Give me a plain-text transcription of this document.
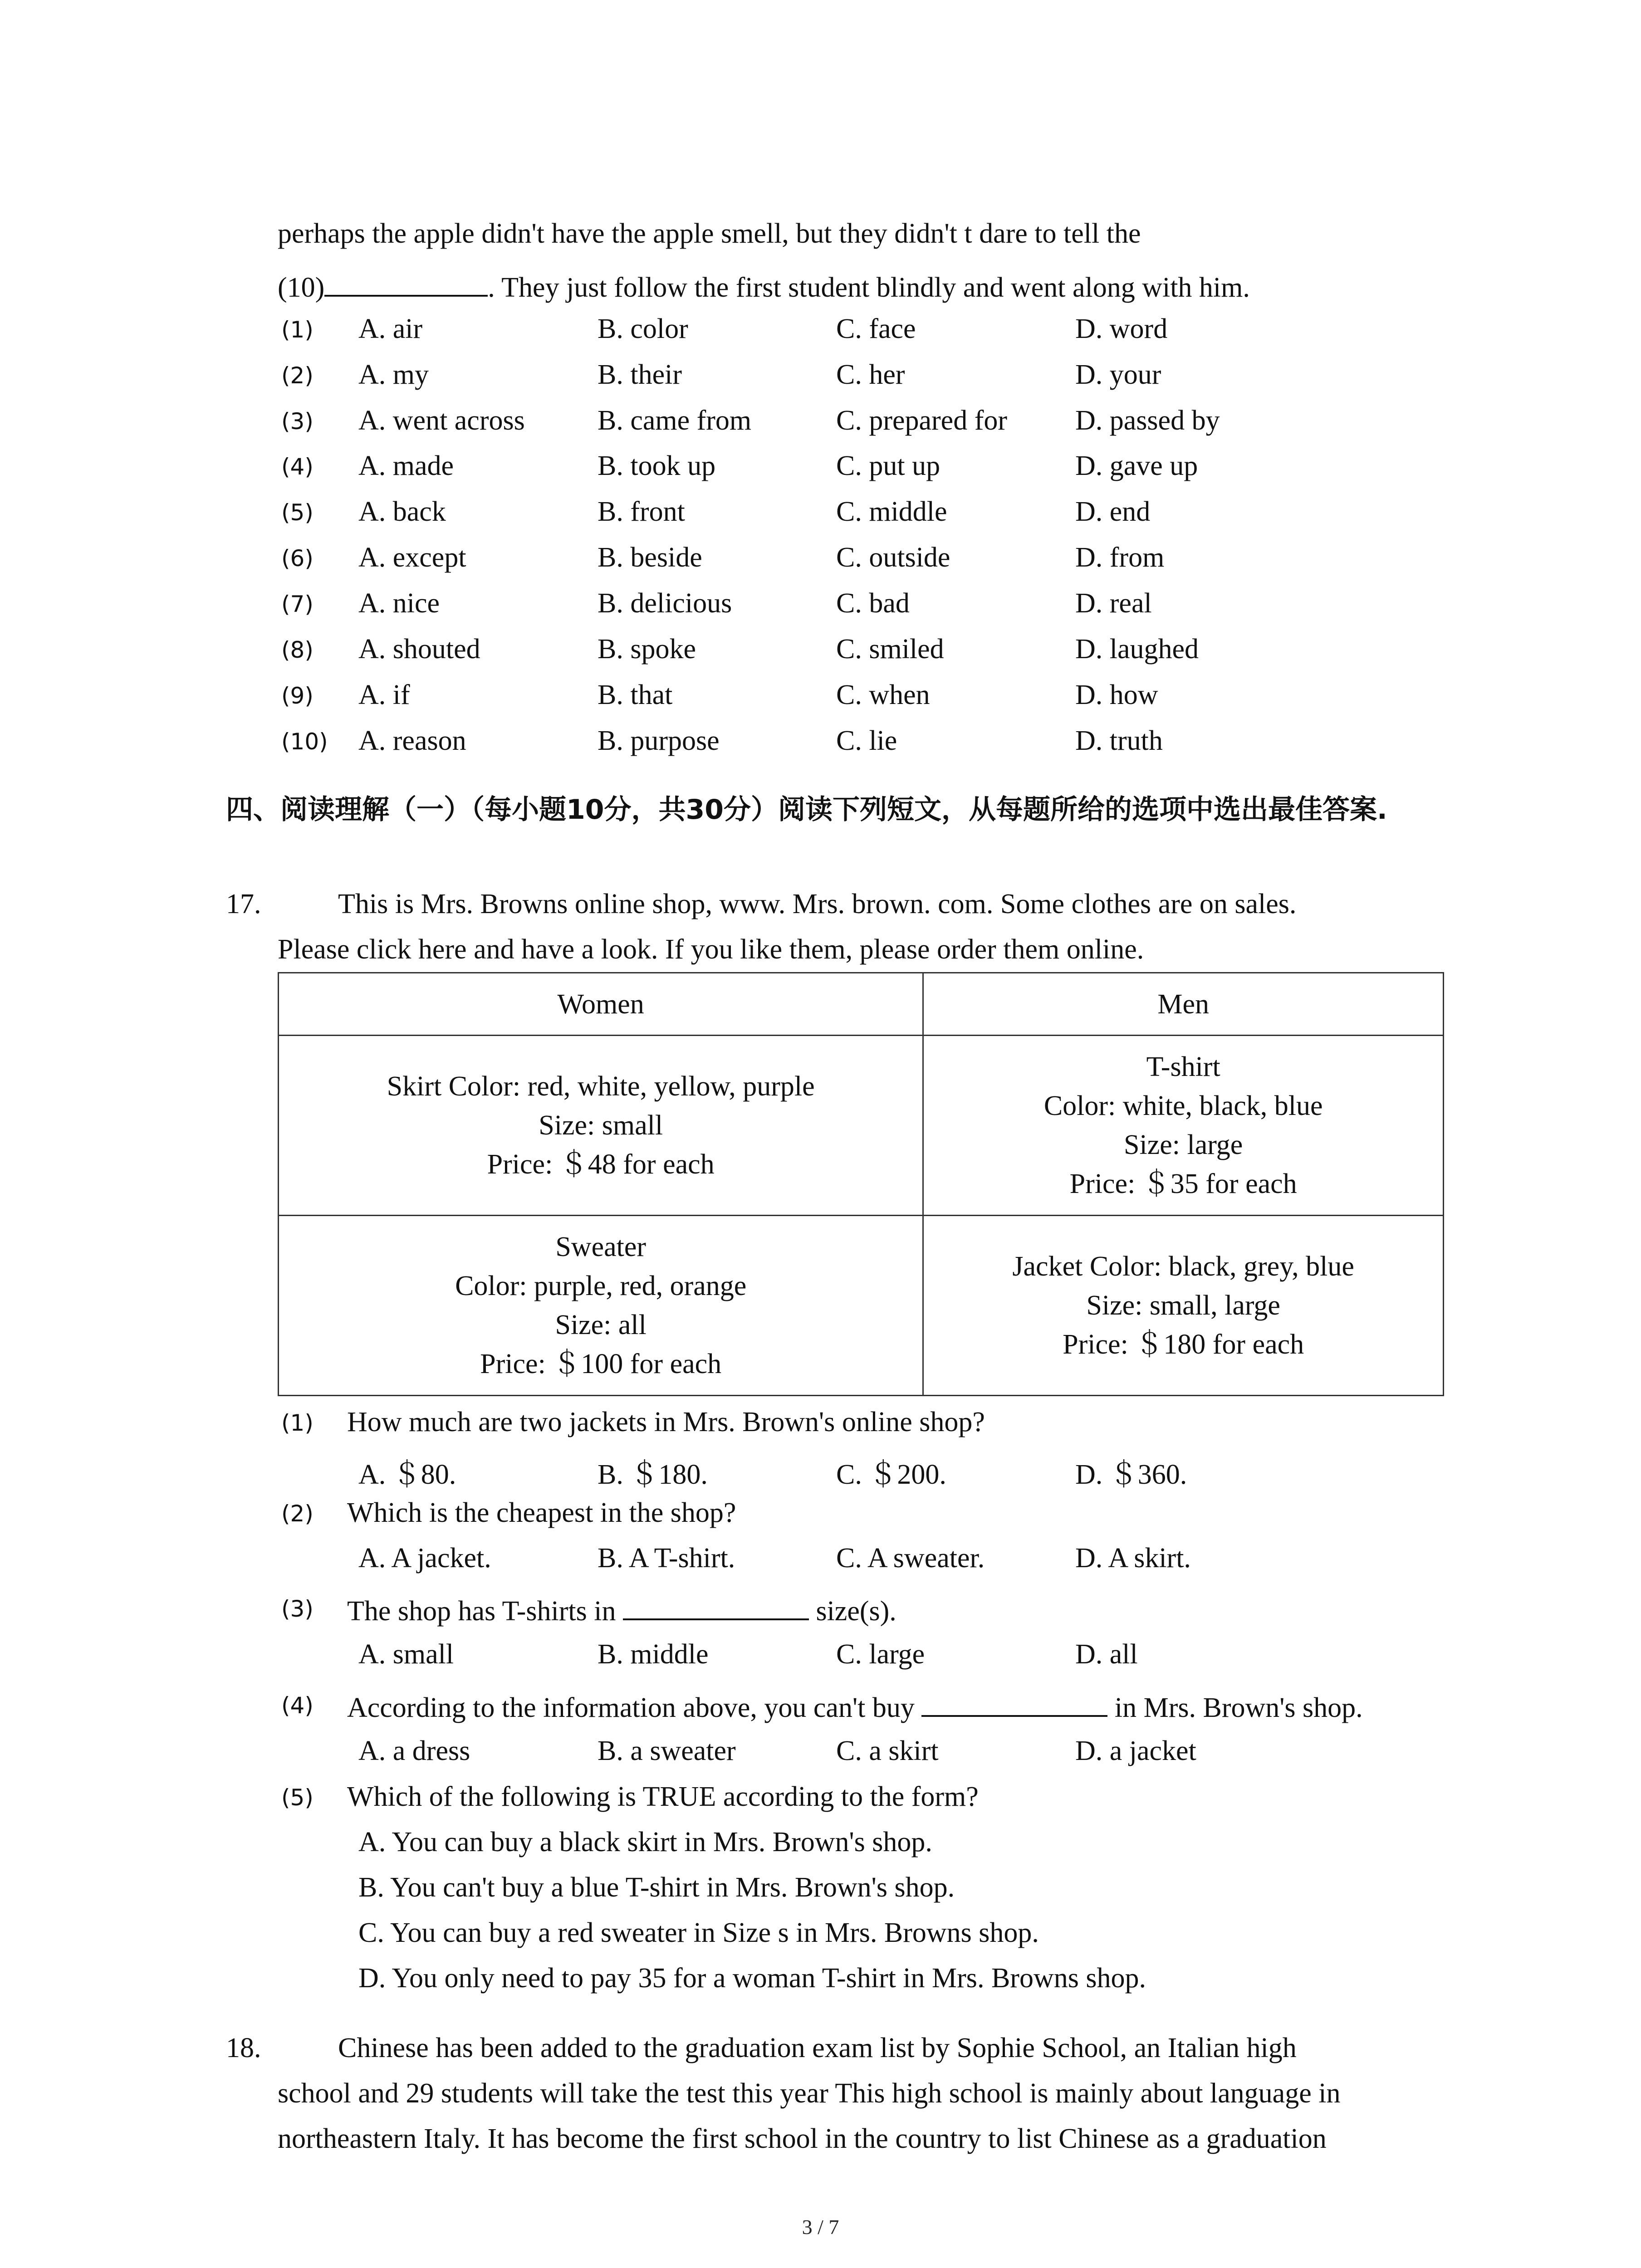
perhaps the apple didn't have the apple smell, but they didn't t dare to tell the
(10)	. They just follow the first student blindly and went along with him.
(1) A. air	B. color	C. face	D. word
(2) A. my	B. their	C. her	D. your
(3) A. went across	B. came from	C. prepared for D. passed by
(4) A. made	B. took up	C. put up	D. gave up
(5) A. back	B. front	C. middle	D. end
(6) A. except	B. beside	C. outside	D. from
(7) A. nice	B. delicious	C. bad	D. real
(8) A. shouted	B. spoke	C. smiled	D. laughed
(9) A. if	B. that	C. when	D. how
(10) A. reason	B. purpose	C. lie	D. truth
四、阅读理解（一）（每小题10分，共30分）阅读下列短文，从每题所给的选项中选出最佳答案.
17.	This is Mrs. Browns online shop, www. Mrs. brown. com. Some clothes are on sales.
Please click here and have a look. If you like them, please order them online.
Women	Men

Skirt Color: red, white, yellow, purple
Size: small
Price: ＄48 for each	T-shirt
Color: white, black, blue
Size: large
Price: ＄35 for each

Sweater
Color: purple, red, orange
Size: all
Price: ＄100 for each	Jacket Color: black, grey, blue
Size: small, large
Price: ＄180 for each
(1) How much are two jackets in Mrs. Brown's online shop?
A. ＄80.	B. ＄180.	C. ＄200.	D. ＄360.
(2) Which is the cheapest in the shop?
A. A jacket.	B. A T-shirt.	C. A sweater.	D. A skirt.
(3) The shop has T-shirts in	size(s).
A. small	B. middle	C. large	D. all
(4) According to the information above, you can't buy	in Mrs. Brown's shop.
A. a dress	B. a sweater	C. a skirt	D. a jacket
(5) Which of the following is TRUE according to the form?
A. You can buy a black skirt in Mrs. Brown's shop.
B. You can't buy a blue T-shirt in Mrs. Brown's shop.
C. You can buy a red sweater in Size s in Mrs. Browns shop.
D. You only need to pay 35 for a woman T-shirt in Mrs. Browns shop.
18.	Chinese has been added to the graduation exam list by Sophie School, an Italian high
school and 29 students will take the test this year This high school is mainly about language in
northeastern Italy. It has become the first school in the country to list Chinese as a graduation
3 / 7
